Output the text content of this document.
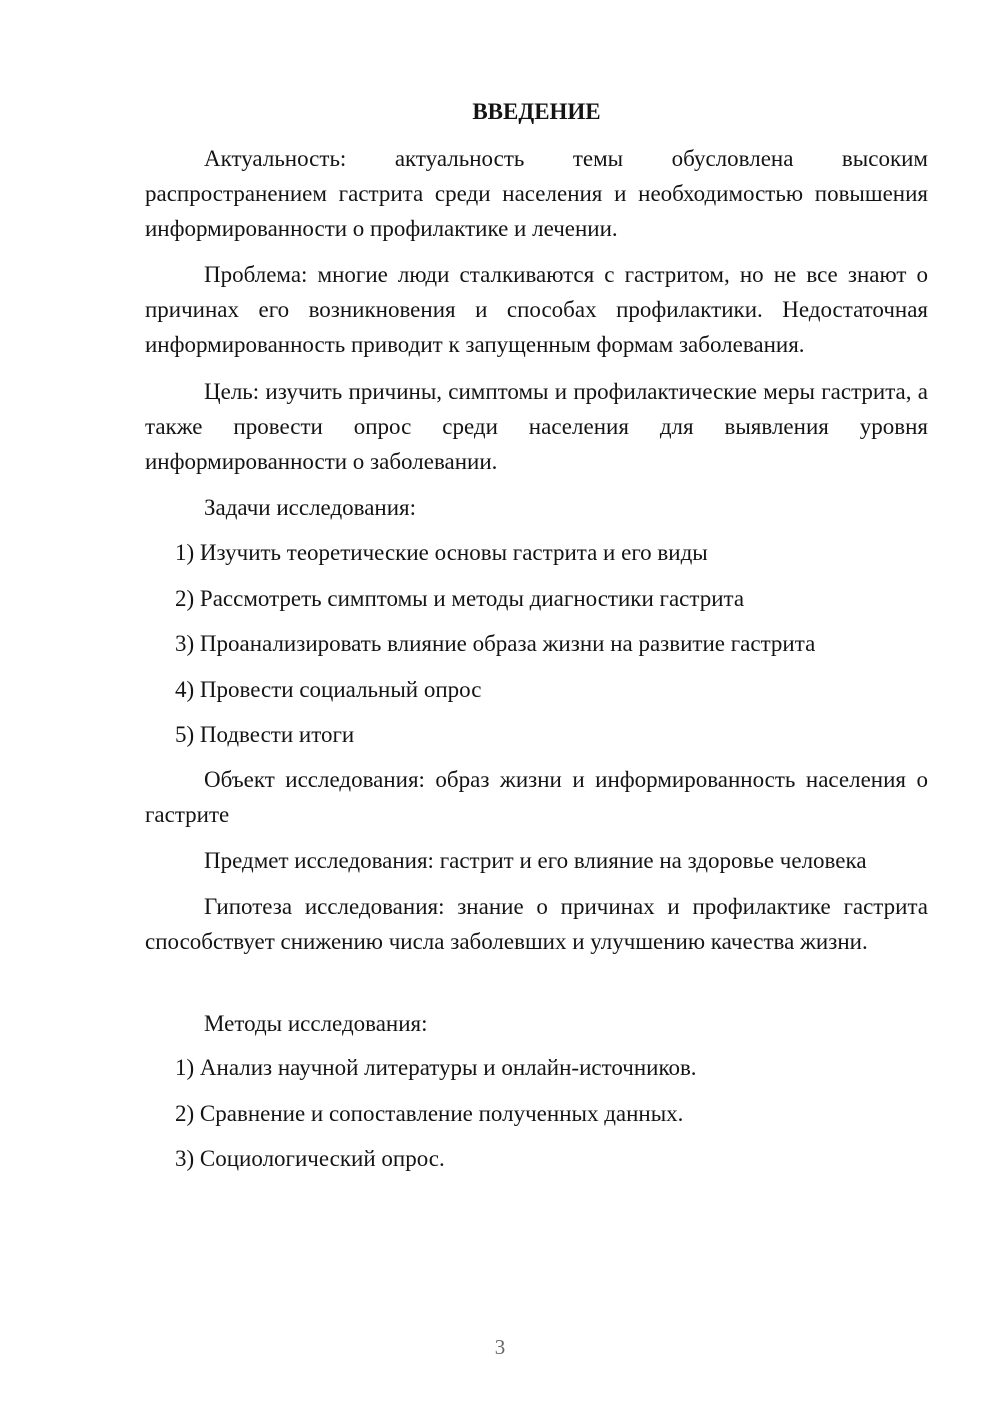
ВВЕДЕНИЕ

Актуальность: актуальность темы обусловлена высоким распространением гастрита среди населения и необходимостью повышения информированности о профилактике и лечении.

Проблема: многие люди сталкиваются с гастритом, но не все знают о причинах его возникновения и способах профилактики. Недостаточная информированность приводит к запущенным формам заболевания.

Цель: изучить причины, симптомы и профилактические меры гастрита, а также провести опрос среди населения для выявления уровня информированности о заболевании.

Задачи исследования:

1) Изучить теоретические основы гастрита и его виды

2) Рассмотреть симптомы и методы диагностики гастрита

3) Проанализировать влияние образа жизни на развитие гастрита

4) Провести социальный опрос

5) Подвести итоги

Объект исследования: образ жизни и информированность населения о гастрите

Предмет исследования: гастрит и его влияние на здоровье человека

Гипотеза исследования: знание о причинах и профилактике гастрита способствует снижению числа заболевших и улучшению качества жизни.

Методы исследования:

1) Анализ научной литературы и онлайн-источников.

2) Сравнение и сопоставление полученных данных.

3) Социологический опрос.

3
